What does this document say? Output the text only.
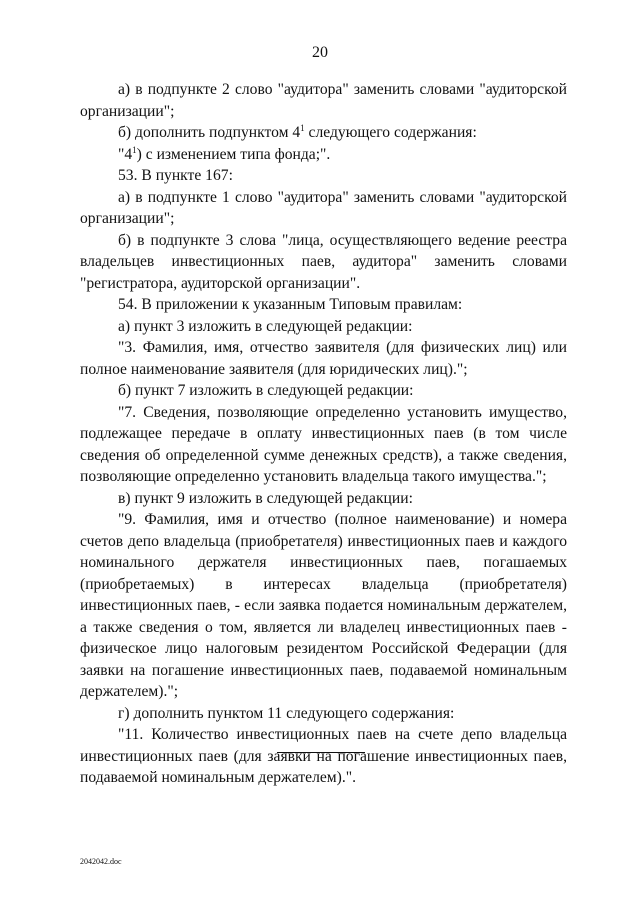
20

а) в подпункте 2 слово "аудитора" заменить словами "аудиторской организации";

б) дополнить подпунктом $4^1$ следующего содержания:

"$4^1$) с изменением типа фонда;".

53. В пункте 167:

а) в подпункте 1 слово "аудитора" заменить словами "аудиторской организации";

б) в подпункте 3 слова "лица, осуществляющего ведение реестра владельцев инвестиционных паев, аудитора" заменить словами "регистратора, аудиторской организации".

54. В приложении к указанным Типовым правилам:

а) пункт 3 изложить в следующей редакции:

"3. Фамилия, имя, отчество заявителя (для физических лиц) или полное наименование заявителя (для юридических лиц).";

б) пункт 7 изложить в следующей редакции:

"7. Сведения, позволяющие определенно установить имущество, подлежащее передаче в оплату инвестиционных паев (в том числе сведения об определенной сумме денежных средств), а также сведения, позволяющие определенно установить владельца такого имущества.";

в) пункт 9 изложить в следующей редакции:

"9. Фамилия, имя и отчество (полное наименование) и номера счетов депо владельца (приобретателя) инвестиционных паев и каждого номинального держателя инвестиционных паев, погашаемых (приобретаемых) в интересах владельца (приобретателя) инвестиционных паев, - если заявка подается номинальным держателем, а также сведения о том, является ли владелец инвестиционных паев - физическое лицо налоговым резидентом Российской Федерации (для заявки на погашение инвестиционных паев, подаваемой номинальным держателем).";

г) дополнить пунктом 11 следующего содержания:

"11. Количество инвестиционных паев на счете депо владельца инвестиционных паев (для заявки на погашение инвестиционных паев, подаваемой номинальным держателем).".

2042042.doc
